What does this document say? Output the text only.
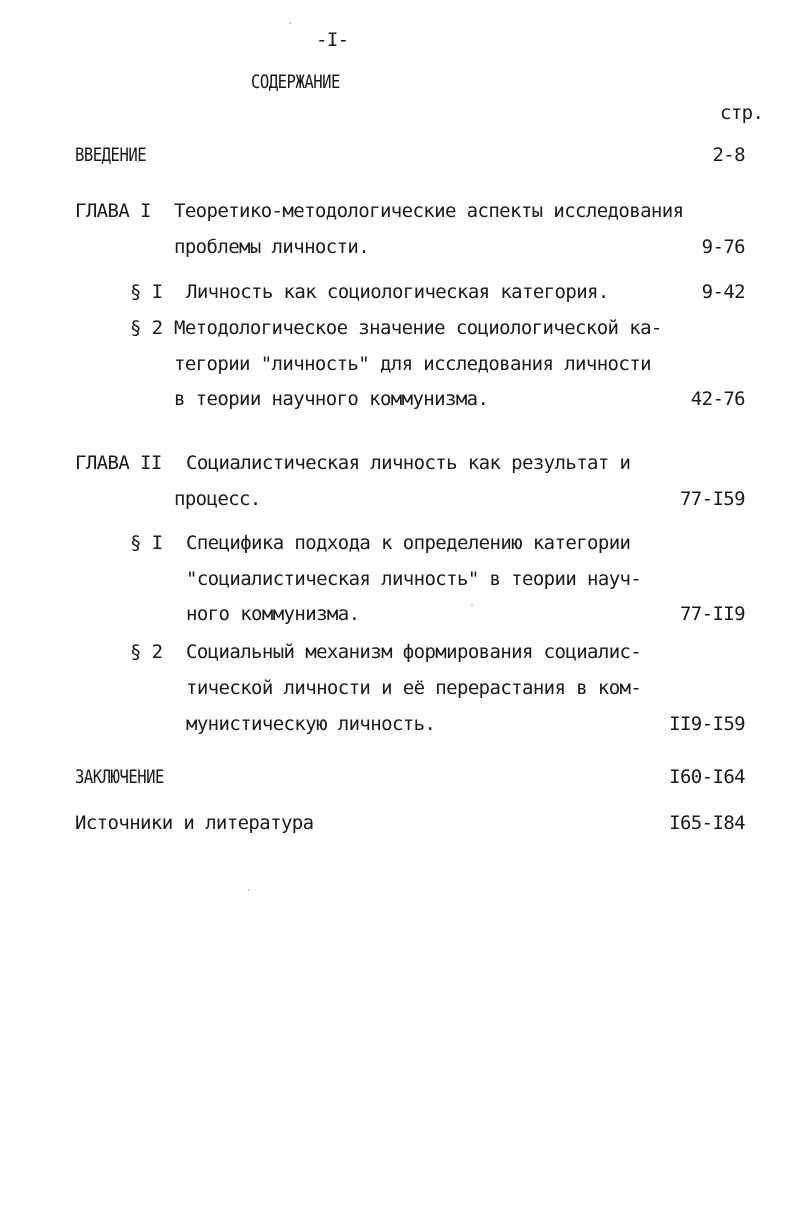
-I-
СОДЕРЖАНИЕ
стр.
ВВЕДЕНИЕ	2-8
ГЛАВА I Теоретико-методологические аспекты исследования
проблемы личности.	9-76
§ I Личность как социологическая категория.	9-42
§ 2 Методологическое значение социологической ка-
тегории "личность" для исследования личности
в теории научного коммунизма.	42-76
ГЛАВА II Социалистическая личность как результат и
процесс.	77-I59
§ I Специфика подхода к определению категории
"социалистическая личность" в теории науч-
ного коммунизма.	77-II9
§ 2 Социальный механизм формирования социалис-
тической личности и её перерастания в ком-
мунистическую личность.	II9-I59
ЗАКЛЮЧЕНИЕ	I60-I64
Источники и литература	I65-I84
